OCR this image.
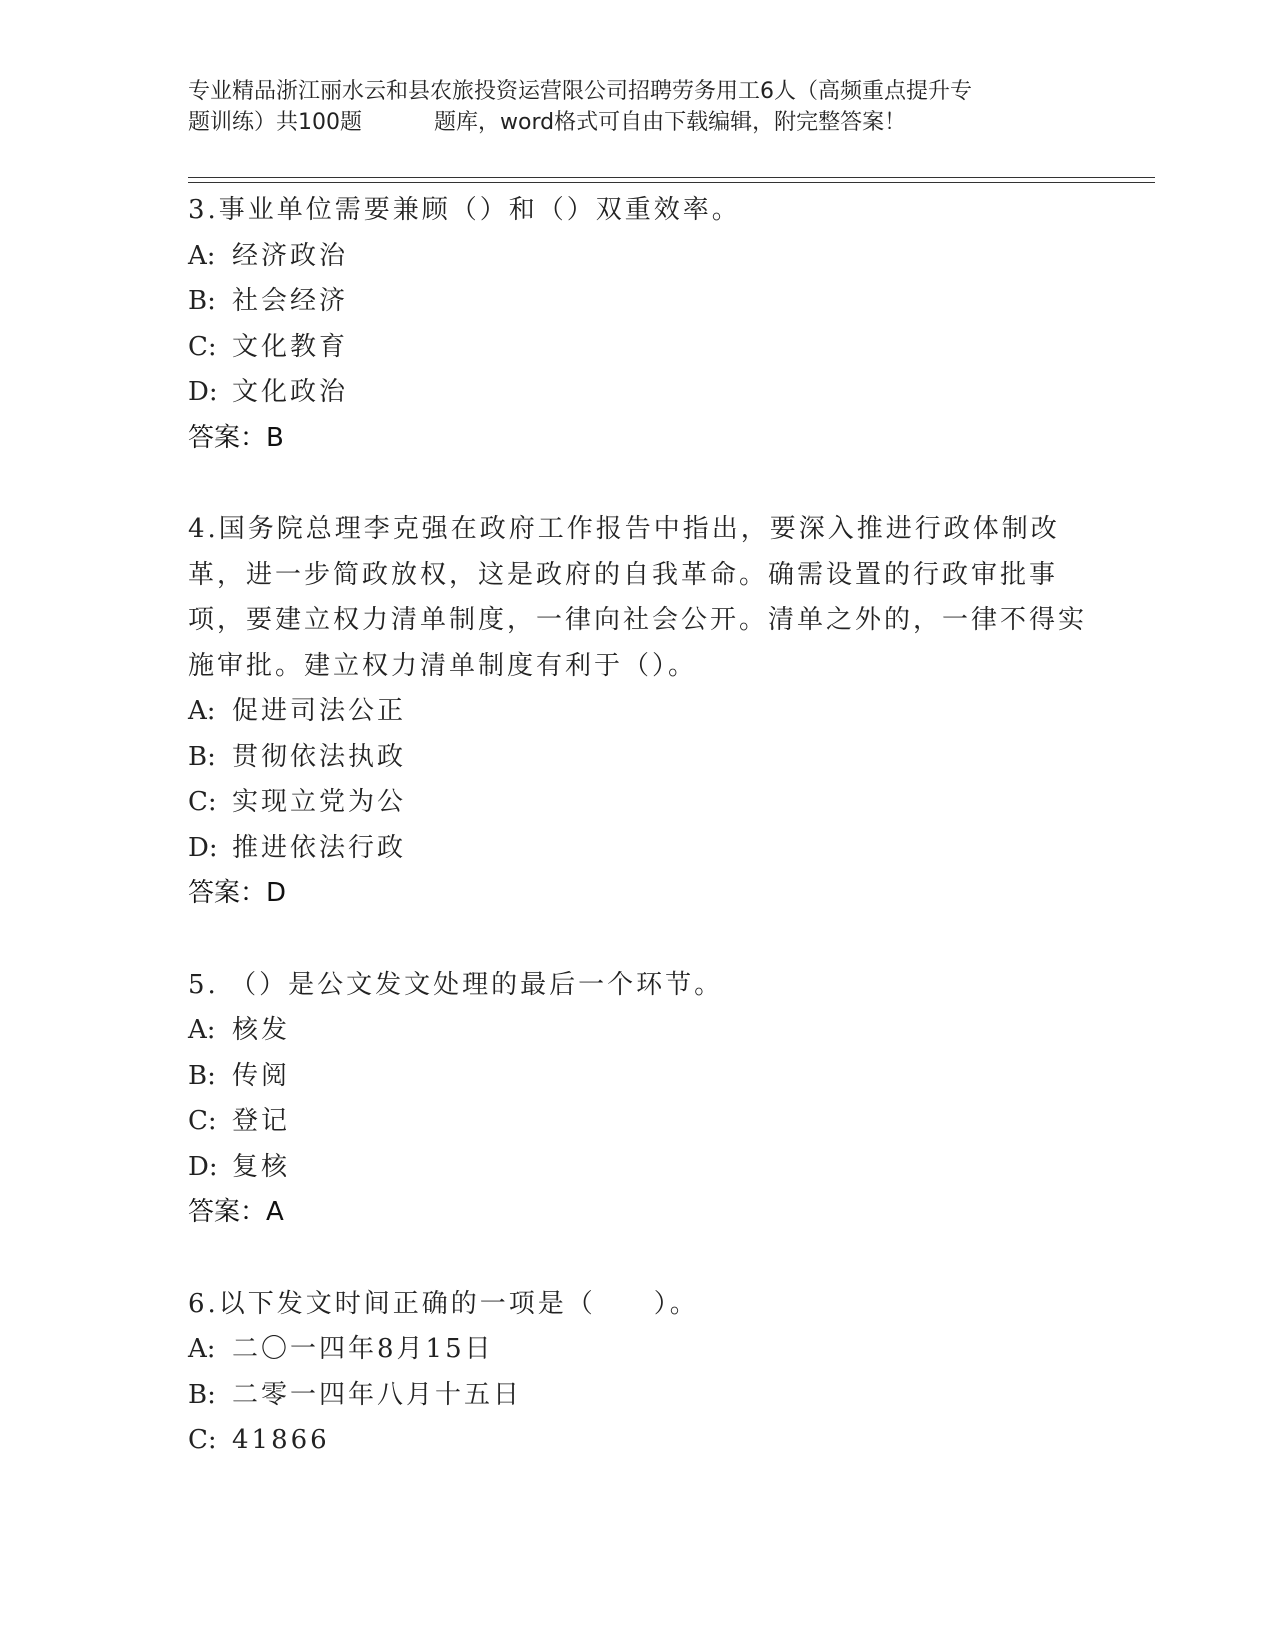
专业精品浙江丽水云和县农旅投资运营限公司招聘劳务用工6人（高频重点提升专
题训练）共100题	题库，word格式可自由下载编辑，附完整答案！
3.事业单位需要兼顾（）和（）双重效率。
A: 经济政治
B: 社会经济
C: 文化教育
D: 文化政治
答案：B
4.国务院总理李克强在政府工作报告中指出，要深入推进行政体制改革，进一步简政放权，这是政府的自我革命。确需设置的行政审批事项，要建立权力清单制度，一律向社会公开。清单之外的，一律不得实施审批。建立权力清单制度有利于（）。
A: 促进司法公正
B: 贯彻依法执政
C: 实现立党为公
D: 推进依法行政
答案：D
5. （）是公文发文处理的最后一个环节。
A: 核发
B: 传阅
C: 登记
D: 复核
答案：A
6.以下发文时间正确的一项是（　　）。
A: 二〇一四年8月15日
B: 二零一四年八月十五日
C: 41866
